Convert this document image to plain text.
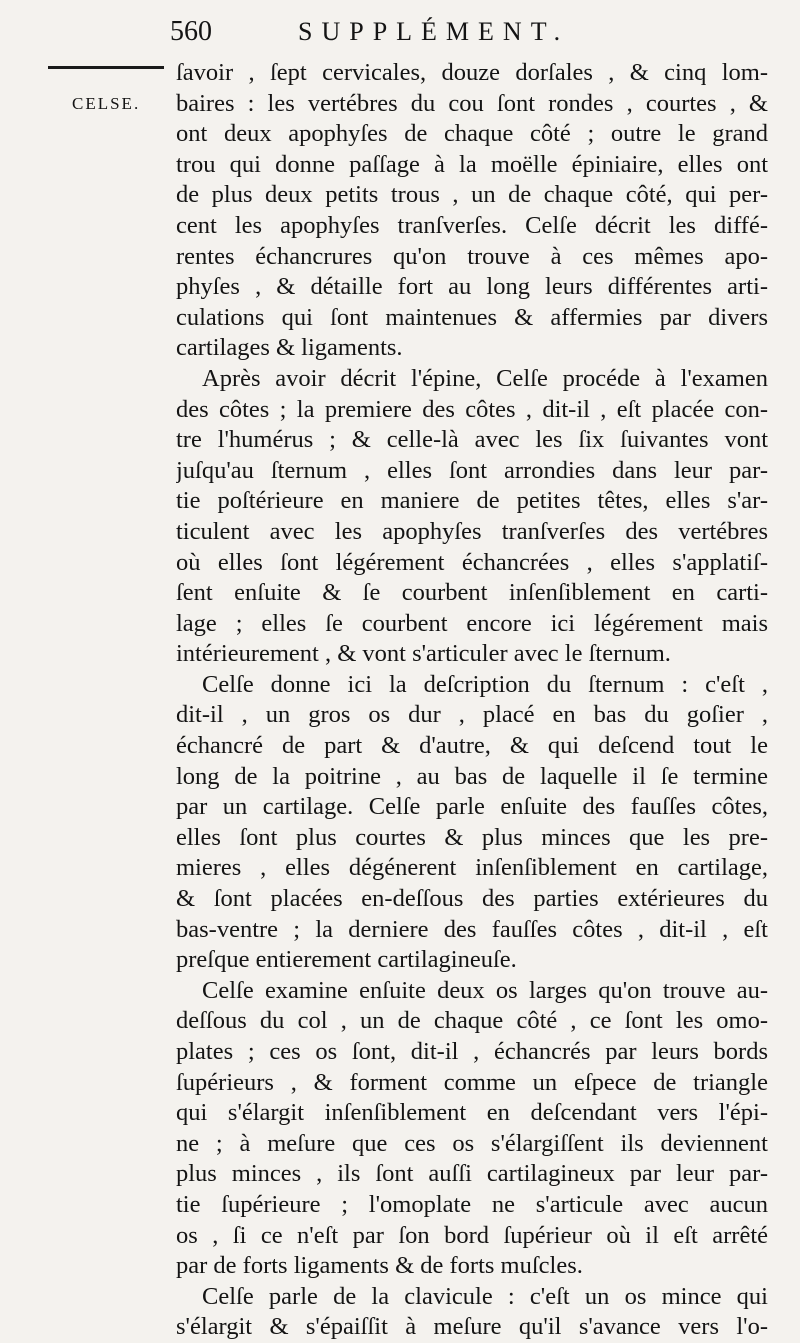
560	SUPPLÉMENT.
CELSE.
ſavoir , ſept cervicales, douze dorſales , & cinq lom-
baires : les vertébres du cou ſont rondes , courtes , &
ont deux apophyſes de chaque côté ; outre le grand
trou qui donne paſſage à la moëlle épiniaire, elles ont
de plus deux petits trous , un de chaque côté, qui per-
cent les apophyſes tranſverſes. Celſe décrit les diffé-
rentes échancrures qu'on trouve à ces mêmes apo-
phyſes , & détaille fort au long leurs différentes arti-
culations qui ſont maintenues & affermies par divers
cartilages & ligaments.
Après avoir décrit l'épine, Celſe procéde à l'examen
des côtes ; la premiere des côtes , dit-il , eſt placée con-
tre l'humérus ; & celle-là avec les ſix ſuivantes vont
juſqu'au ſternum , elles ſont arrondies dans leur par-
tie poſtérieure en maniere de petites têtes, elles s'ar-
ticulent avec les apophyſes tranſverſes des vertébres
où elles ſont légérement échancrées , elles s'applatiſ-
ſent enſuite & ſe courbent inſenſiblement en carti-
lage ; elles ſe courbent encore ici légérement mais
intérieurement , & vont s'articuler avec le ſternum.
Celſe donne ici la deſcription du ſternum : c'eſt ,
dit-il , un gros os dur , placé en bas du goſier ,
échancré de part & d'autre, & qui deſcend tout le
long de la poitrine , au bas de laquelle il ſe termine
par un cartilage. Celſe parle enſuite des fauſſes côtes,
elles ſont plus courtes & plus minces que les pre-
mieres , elles dégénerent inſenſiblement en cartilage,
& ſont placées en-deſſous des parties extérieures du
bas-ventre ; la derniere des fauſſes côtes , dit-il , eſt
preſque entierement cartilagineuſe.
Celſe examine enſuite deux os larges qu'on trouve au-
deſſous du col , un de chaque côté , ce ſont les omo-
plates ; ces os ſont, dit-il , échancrés par leurs bords
ſupérieurs , & forment comme un eſpece de triangle
qui s'élargit inſenſiblement en deſcendant vers l'épi-
ne ; à meſure que ces os s'élargiſſent ils deviennent
plus minces , ils ſont auſſi cartilagineux par leur par-
tie ſupérieure ; l'omoplate ne s'articule avec aucun
os , ſi ce n'eſt par ſon bord ſupérieur où il eſt arrêté
par de forts ligaments & de forts muſcles.
Celſe parle de la clavicule : c'eſt un os mince qui
s'élargit & s'épaiſſit à meſure qu'il s'avance vers l'o-
